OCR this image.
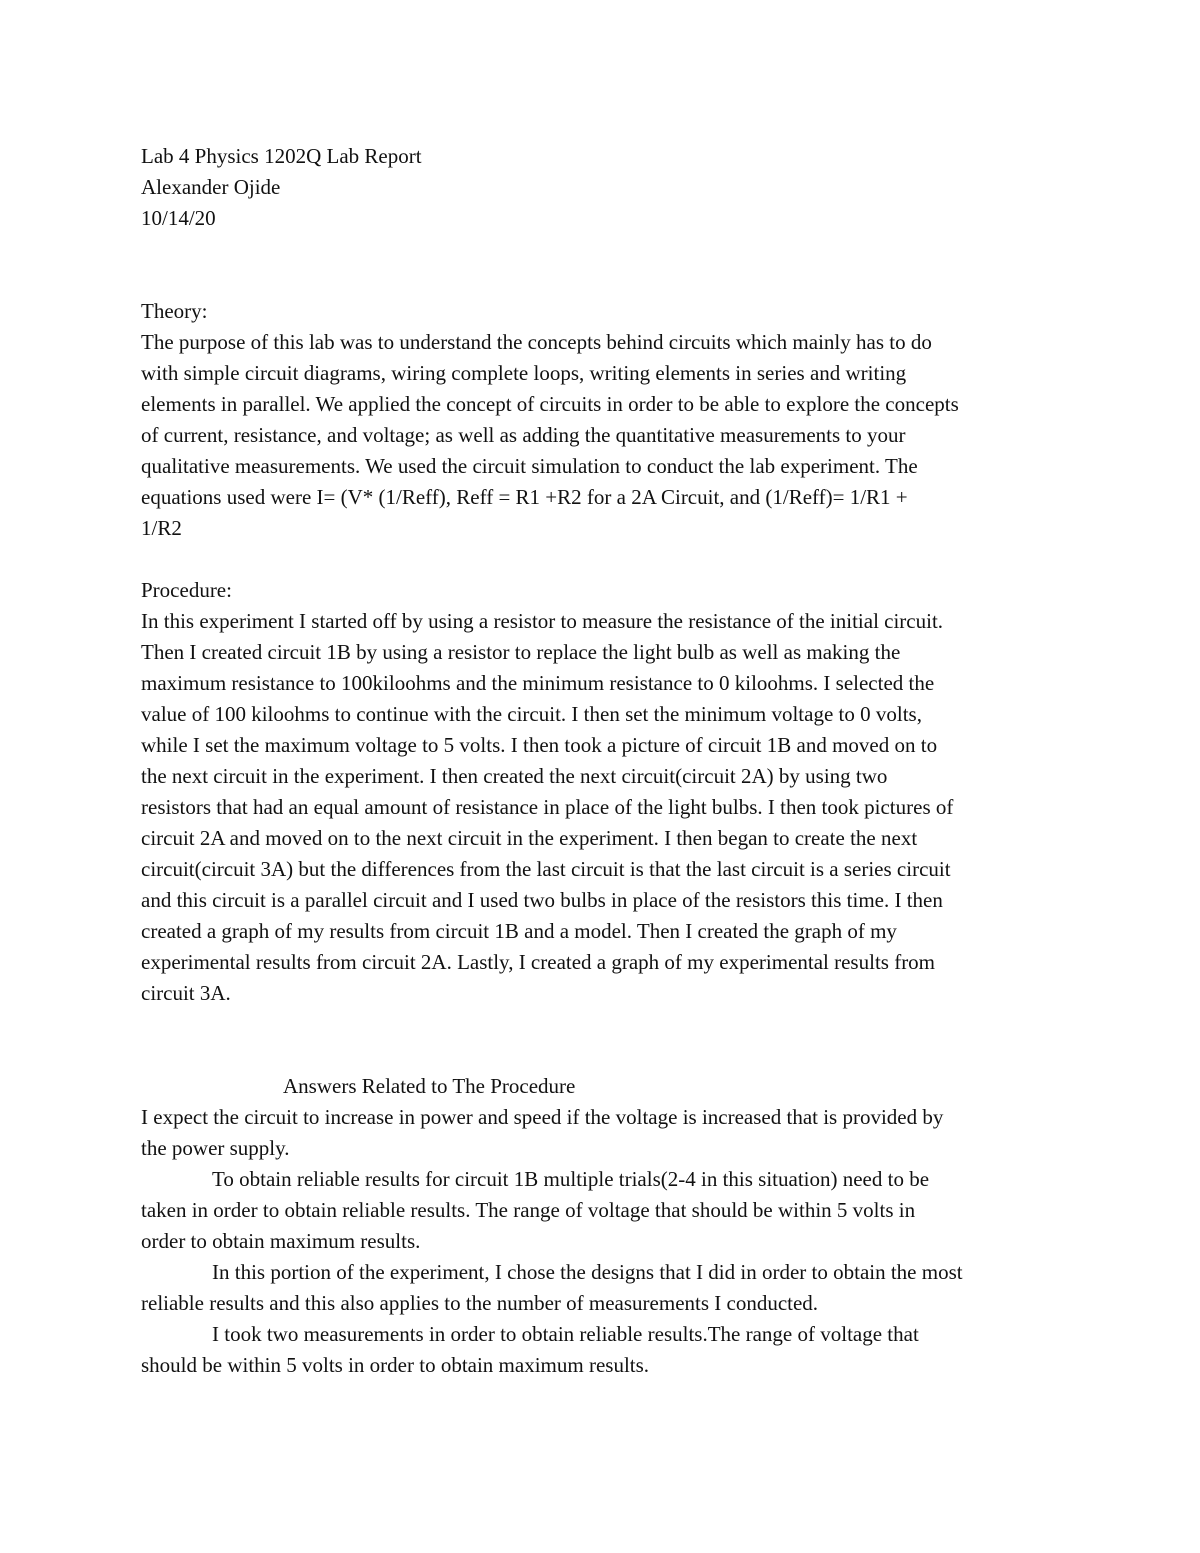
Lab 4 Physics 1202Q Lab Report
Alexander Ojide
10/14/20
Theory:
The purpose of this lab was to understand the concepts behind circuits which mainly has to do
with simple circuit diagrams, wiring complete loops, writing elements in series and writing
elements in parallel. We applied the concept of circuits in order to be able to explore the concepts
of current, resistance, and voltage; as well as adding the quantitative measurements to your
qualitative measurements. We used the circuit simulation to conduct the lab experiment. The
equations used were I= (V* (1/Reff), Reff = R1 +R2 for a 2A Circuit, and (1/Reff)= 1/R1 +
1/R2
Procedure:
In this experiment I started off by using a resistor to measure the resistance of the initial circuit.
Then I created circuit 1B by using a resistor to replace the light bulb as well as making the
maximum resistance to 100kiloohms and the minimum resistance to 0 kiloohms. I selected the
value of 100 kiloohms to continue with the circuit. I then set the minimum voltage to 0 volts,
while I set the maximum voltage to 5 volts. I then took a picture of circuit 1B and moved on to
the next circuit in the experiment. I then created the next circuit(circuit 2A) by using two
resistors that had an equal amount of resistance in place of the light bulbs. I then took pictures of
circuit 2A and moved on to the next circuit in the experiment. I then began to create the next
circuit(circuit 3A) but the differences from the last circuit is that the last circuit is a series circuit
and this circuit is a parallel circuit and I used two bulbs in place of the resistors this time. I then
created a graph of my results from circuit 1B and a model. Then I created the graph of my
experimental results from circuit 2A. Lastly, I created a graph of my experimental results from
circuit 3A.
Answers Related to The Procedure
I expect the circuit to increase in power and speed if the voltage is increased that is provided by
the power supply.
To obtain reliable results for circuit 1B multiple trials(2-4 in this situation) need to be
taken in order to obtain reliable results. The range of voltage that should be within 5 volts in
order to obtain maximum results.
In this portion of the experiment, I chose the designs that I did in order to obtain the most
reliable results and this also applies to the number of measurements I conducted.
I took two measurements in order to obtain reliable results.The range of voltage that
should be within 5 volts in order to obtain maximum results.
